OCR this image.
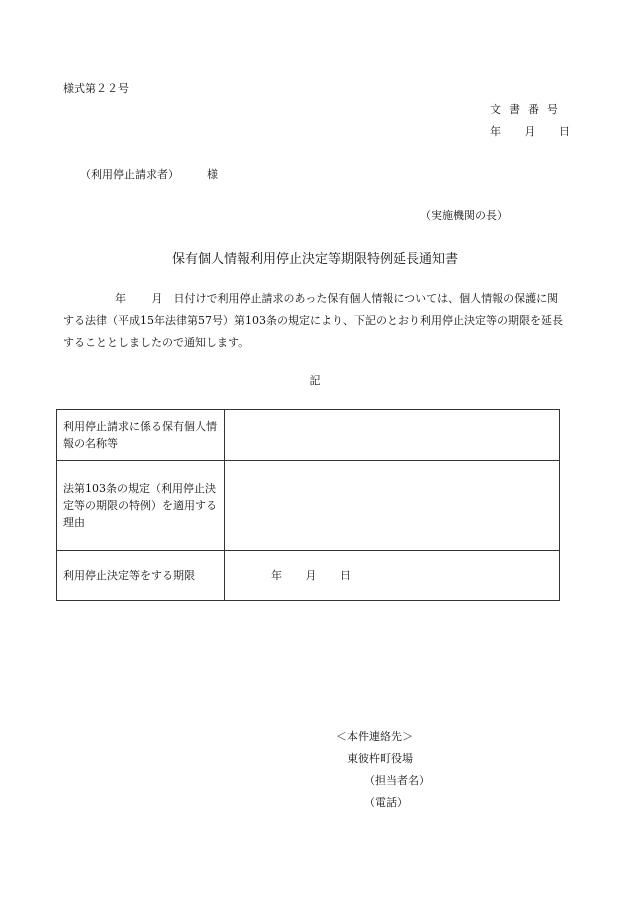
様式第２２号
文書番号
年 月 日
（利用停止請求者）	様
（実施機関の長）
保有個人情報利用停止決定等期限特例延長通知書
年 月　 日付けで利用停止請求のあった保有個人情報については、個人情報の保護に関する法律（平成15年法律第57号）第103条の規定により、下記のとおり利用停止決定等の期限を延長することとしましたので通知します。
記
利用停止請求に係る保有個人情報の名称等	
法第103条の規定（利用停止決定等の期限の特例）を適用する理由	
利用停止決定等をする期限	年 月 日
＜本件連絡先＞
東彼杵町役場
（担当者名）
（電話）
